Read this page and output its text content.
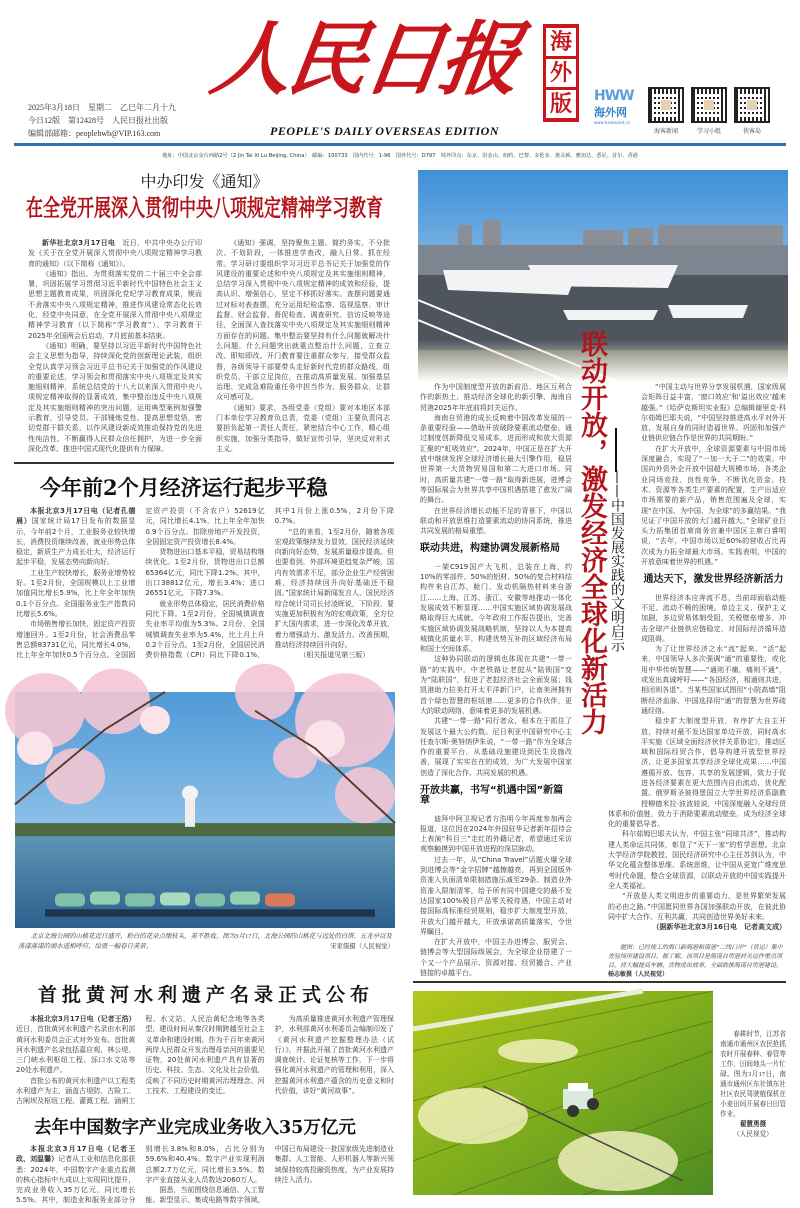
2025年3月18日　星期二　乙巳年二月十九
今日12版　第12428号　人民日报社出版
编辑部邮箱：peoplehwb@VIP.163.com
人民日报 海
外
版
PEOPLE'S DAILY OVERSEAS EDITION
HWW
海外网
www.haiwainet.cn
海客新闻	学习小组	侠客岛
地址：中国北京金台西路2号（2 Jin Tai Xi Lu Beijing, China）　邮编：100733　国内代号：1-96　国外代号：D797　境外印点：东京、旧金山、纽约、巴黎、多伦多、惠灵顿、雅加达、悉尼、首尔、香港
中办印发《通知》
在全党开展深入贯彻中央八项规定精神学习教育

新华社北京3月17日电　 近日，中共中央办公厅印发《关于在全党开展深入贯彻中央八项规定精神学习教育的通知》（以下简称《通知》）。

《通知》指出，为贯彻落实党的二十届三中全会部署，巩固拓展学习贯彻习近平新时代中国特色社会主义思想主题教育成果，巩固深化党纪学习教育成果，锲而不舍落实中央八项规定精神，推进作风建设常态化长效化，经党中央同意，在全党开展深入贯彻中央八项规定精神学习教育（以下简称“学习教育”）。学习教育于2025年全国两会后启动，7月底前基本结束。

《通知》明确，要坚持以习近平新时代中国特色社会主义思想为指导，持续深化党的创新理论武装，组织全党认真学习领会习近平总书记关于加强党的作风建设的重要论述，学习领会和贯彻落实中央八项规定及其实施细则精神，系统总结党的十八大以来深入贯彻中央八项规定精神取得的显著成效，集中整治违反中央八项规定及其实施细则精神的突出问题，运用典型案例加强警示教育，引导党员、干部锤炼党性、提高思想觉悟，密切党群干群关系，以作风建设新成效推动保持党的先进性纯洁性、不断赢得人民群众信任拥护，为进一步全面深化改革、推进中国式现代化提供有力保障。

《通知》强调，坚持聚焦主题、简约务实，不分批次、不划阶段，一体推进学查改，融入日常、抓在经常。学习研讨要组织学习习近平总书记关于加强党的作风建设的重要论述和中央八项规定及其实施细则精神，总结学习深入贯彻中央八项规定精神的成效和经验，提高认识、增强信心，坚定不移抓好落实。查摆问题要通过对标对表查摆，充分运用纪检监察、巡视巡察、审计监督、财会监督、督促检查、调查研究、信访反映等途径，全面深入查找落实中央八项规定及其实施细则精神方面存在的问题。集中整治要坚持有什么问题就解决什么问题，什么问题突出就重点整治什么问题，立查立改、即知即改。开门教育要注重群众参与，接受群众监督，各级领导干部要带头走好新时代党的群众路线，组织党员、干部立足岗位，在推动高质量发展、加强基层治理、完成急难险重任务中担当作为、服务群众，让群众可感可及。

《通知》要求，各级党委（党组）要对本地区本部门本单位学习教育负总责，党委（党组）主要负责同志要担负起第一责任人责任，紧密结合中心工作，精心组织实施，加强分类指导，做好宣传引导，坚决反对形式主义。

今年前2个月经济运行起步平稳

本报北京3月17日电（记者孔德晨）国家统计局17日发布的数据显示，今年前2个月，工业服务业较快增长，消费投资继续改善，就业形势总体稳定，新质生产力成长壮大，经济运行起步平稳，发展态势向新向好。

工业生产较快增长，服务业增势较好。1至2月份，全国规模以上工业增加值同比增长5.9%，比上年全年加快0.1个百分点。全国服务业生产指数同比增长5.6%。

市场销售增长加快，固定资产投资增速回升。1至2月份，社会消费品零售总额83731亿元，同比增长4.0%，比上年全年加快0.5个百分点。全国固定资产投资（不含农户）52619亿元，同比增长4.1%，比上年全年加快0.9个百分点。扣除房地产开发投资，全国固定资产投资增长8.4%。

货物进出口基本平稳，贸易结构继续优化。1至2月份，货物进出口总额65364亿元，同比下降1.2%。其中，出口38812亿元，增长3.4%；进口26551亿元，下降7.3%。

就业形势总体稳定，居民消费价格同比下降。1至2月份，全国城镇调查失业率平均值为5.3%。2月份，全国城镇调查失业率为5.4%，比上月上升0.2个百分点。1至2月份，全国居民消费价格指数（CPI）同比下降0.1%，其中1月份上涨0.5%，2月份下降0.7%。

“总的来看，1至2月份，随着各项宏观政策继续发力显效，国民经济延续向新向好态势，发展质量稳步提高。但也要看到，外部环境更趋复杂严峻，国内有效需求不足，部分企业生产经营困难，经济持续回升向好基础还不稳固。”国家统计局新闻发言人、国民经济综合统计司司长付凌晖说，下阶段，要实施更加积极有为的宏观政策，全方位扩大国内需求，进一步深化改革开放，着力增强动力、激发活力、改善预期，推动经济持续回升向好。

（相关报道见第三版）

北京北海公园的山桃花近日盛开，粉白的花朵点缀枝头，美不胜收。图为3月17日，北海公园的山桃花与远处的白塔、五龙亭以及荡漾落漾的湖水遥相呼应，绘就一幅春日美景。	宋家儒摄（人民视觉）
首批黄河水利遗产名录正式公布

本报北京3月17日电（记者王浩）近日，首批黄河水利遗产名录由水利部黄河水利委员会正式对外发布。首批黄河水利遗产名录包括嘉应观、林公堤、三门峡水利枢纽工程、泺口水文站等20处水利遗产。

首批公布的黄河水利遗产以工程类水利遗产为主，涵盖古堤防、古险工、古闸坝及枢纽工程、灌溉工程、涵闸工程、水文站、人民治黄纪念地等各类型，建设时间从秦汉时期跨越至社会主义革命和建设时期。作为千百年来黄河两岸人民群众开发治理母亲河的重要见证物，20处黄河水利遗产具有显著的历史、科技、生态、文化及社会价值，反映了不同历史时期黄河治理理念、河工技术、工程建设的变迁。

为高质量推进黄河水利遗产管理保护，水利部黄河水利委员会编制印发了《黄河水利遗产挖掘整理办法（试行）》，并据此开展了首批黄河水利遗产调查统计、论证复核等工作，下一步将强化黄河水利遗产的管理和利用，深入挖掘黄河水利遗产蕴含的历史意义和时代价值，讲好“黄河故事”。

去年中国数字产业完成业务收入35万亿元

本报北京3月17日电（记者王政、刘温馨）记者从工业和信息化部获悉：2024年，中国数字产业重点监测的核心指标中九成以上实现同比提升，完成业务收入35万亿元，同比增长5.5%。其中，制造业和服务业部分分别增长3.8%和8.0%，占比分别为59.6%和40.4%。数字产业实现利润总额2.7万亿元，同比增长3.5%。数字产业直接从业人员数达2060万人。

据悉，当前围绕信息通信、人工智能、新型显示、集成电路等数字领域，中国已布局建设一批国家级先进制造业集群。人工智能、人形机器人等新兴领域保持较高投融资热度，为产业发展持续注入活力。

联动开放，激发经济全球化新活力 ——中国发展实践的文明启示

作为中国制度型开放的新前沿、地区互利合作的新热土、推动经济全球化的新引擎，海南自贸港2025年年底前将封关运作。

海南自贸港的成长反映着中国改革发展的一条重要经验——借助开放破除要素流动壁垒，通过制度创新降低交易成本，进而形成和放大资源汇聚的“虹吸效应”。2024年，中国正是在扩大开放中继续发挥全球经济增长最大引擎作用，稳居世界第一大货物贸易国和第二大进口市场。同时，高质量共建“一带一路”取得新进展，进博会等国际展会为世界共享中国机遇搭建了愈发广阔的舞台。

在世界经济增长动能不足的背景下，中国以联动和开放思维打造要素流动的协同系统，推进共同发展的格局重塑。

联动共进，构建协调发展新格局

一架C919国产大飞机，总装在上海，约10%的零部件、50%的铝材、50%的复合材料结构件来自江苏，舱门、发动机隔热材料来自浙江……上海、江苏、浙江、安徽等地推动一体化发展成效不断显现……中国实施区域协调发展战略取得巨大成就。今年政府工作报告提出，完善实施区域协调发展战略机制，坚持以人为本提高城镇化质量水平，构建优势互补的区域经济布局和国土空间体系。

这种协同联动的逻辑也体现在共建“一带一路”的实践中。中老铁路让老挝从“陆锁国”变为“陆联国”，促进了老挝经济社会全面发展；钱凯港助力拉美打开太平洋新门户，让南美洲拥有首个绿色智慧的枢纽港……更多的合作伙伴，更大的联动网络，意味着更多的发展机遇。

共建“一带一路”同行者众，根本在于抓住了发展这个最大公约数。尼日利亚中国研究中心主任查尔斯·奥努纳伊朱说，“一带一路”作为全球合作的重要平台，从基础设施建设到民生设施改善，展现了实实在在的成效，为广大发展中国家创造了深化合作、共同发展的机遇。

开放共赢，书写“机遇中国”新篇章

迪拜中阿卫视记者方浩明今年再度参加两会报道，这位因在2024年外国驻华记者新年招待会上表演“科目三”走红的外籍记者，希望通过采访观察触摸到中国开放进程的深层脉动。

过去一年，从“China Travel”话题火爆全球到进博会等“金字招牌”越擦越亮，再到全国版外资准入负面清单限制措施压减至29条、制造业外资准入限制清零，给予所有同中国建交的最不发达国家100%税目产品零关税待遇，中国主动对接国际高标准经贸规则，稳步扩大制度型开放，开放大门越开越大，开放承诺高质量落实，令世界瞩目。

在扩大开放中，中国主办进博会、服贸会、链博会等大型国际级展会，为全球企业搭建了一个又一个产品展示、资源对接、经贸撮合、产业链接的卓越平台。

“中国主动与世界分享发展机遇，国家级展会矩阵日益丰富，‘窗口效应’和‘溢出效应’越来越强。”《哈萨克斯坦实业报》总编辑谢里克·科尔茹姆巴耶夫说，“中国坚持推进高水平对外开放，发展自身的同时造福世界。巩固和加强产业链供应链合作是世界的共同期盼。”

在扩大开放中，全球资源要素与中国市场深度融合，实现了“一加一大于二”的效果。中国向外资外企开放中国超大规模市场，各类企业同场竞技、良性竞争，不断优化资金、技术、资源等各类生产要素的配置，生产出适应市场需要的新产品，销售范围遍及全球，实现“在中国、为中国、为全球”的多赢结果。“我见证了中国开放的大门越开越大。”全球矿业巨头力拓集团首席商务官兼中国区主席白睿明说，“去年，中国市场以近60%的营收占比再次成为力拓全球最大市场。实践表明，中国的开放意味着世界的机遇。”

通达天下，激发世界经济新活力

世界经济本应奔流不息，当前却面临动能不足、流动不畅的困境。单边主义、保护主义加剧，多边贸易体制受阻，关税壁垒增多，冲击全球产业链供应链稳定，对国际经济循环造成阻碍。

为了让世界经济之水“流”起来、“活”起来，中国领导人多次强调“通”的重要性，或化用中华传统智慧——“通则不痛，痛则不通”，或发出真诚呼吁——“各国经济，相通则共进，相闭则各退”。当某些国家试图用“小院高墙”阻断经济血脉，中国选择用“通”的智慧为世界疏通经络。

稳步扩大制度型开放，有序扩大自主开放，持续对最不发达国家单边开放，同时高水平实施《区域全面经济伙伴关系协定》，推动区域和国际经贸合作，倡导构建开放型世界经济，让更多国家共享经济全球化成果……中国遵循开放、包容、共享的发展逻辑，致力于促进各经济要素在更大范围内自由流动、优化配置。俄罗斯圣彼得堡国立大学世界经济系副教授柳德米拉·波波娃说，中国深度融入全球经贸体系和价值链，致力于消除要素流动壁垒，成为经济全球化的重要倡导者。

科尔茹姆巴耶夫认为，中国主张“同球共济”，推动构建人类命运共同体，彰显了“天下一家”的哲学思想。北京大学经济学院教授、国民经济研究中心主任苏剑认为，中华文化蕴含整体思维、系统思维，让中国从更宽广维度思考时代命题，整合全球资源，以联动开放的中国实践提升全人类福祉。

“开放是人类文明进步的重要动力，是世界繁荣发展的必由之路。”中国愿同世界各国加强联动开放，在彼此协同中扩大合作、互利共赢，共同创造世界美好未来。

（据新华社北京3月16日电　记者高文成）

题图：已经竣工的海口新海港和南港“二线口岸”（货运）集中查验场所建设项目。据了解，该项目是海南自贸港封关运作重点项目，将大幅提高车辆、货物进出效率，全面助推海南自贸港建设。　杨志敏摄（人民视觉）
春耕时节，江苏省南通市通州区农民抢抓农时开展春种、春管等工作，田间地头一片忙碌。图为3月17日，南通市通州区东社镇东社社区农民驾驶植保机在小麦田间开展春日田管作业。
翟慧勇摄
（人民视觉）
